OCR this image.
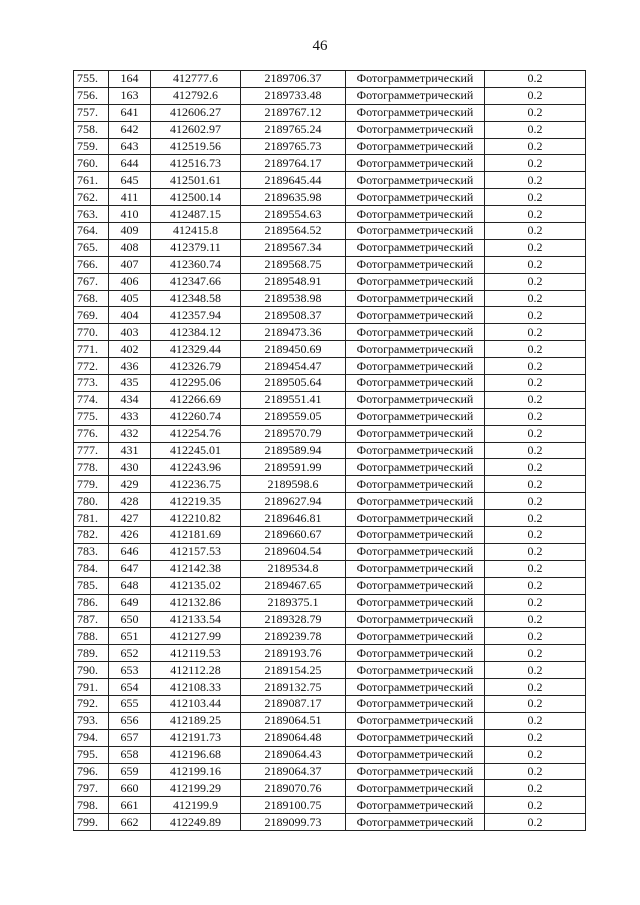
46
755.	164	412777.6	2189706.37	Фотограмметрический	0.2
756.	163	412792.6	2189733.48	Фотограмметрический	0.2
757.	641	412606.27	2189767.12	Фотограмметрический	0.2
758.	642	412602.97	2189765.24	Фотограмметрический	0.2
759.	643	412519.56	2189765.73	Фотограмметрический	0.2
760.	644	412516.73	2189764.17	Фотограмметрический	0.2
761.	645	412501.61	2189645.44	Фотограмметрический	0.2
762.	411	412500.14	2189635.98	Фотограмметрический	0.2
763.	410	412487.15	2189554.63	Фотограмметрический	0.2
764.	409	412415.8	2189564.52	Фотограмметрический	0.2
765.	408	412379.11	2189567.34	Фотограмметрический	0.2
766.	407	412360.74	2189568.75	Фотограмметрический	0.2
767.	406	412347.66	2189548.91	Фотограмметрический	0.2
768.	405	412348.58	2189538.98	Фотограмметрический	0.2
769.	404	412357.94	2189508.37	Фотограмметрический	0.2
770.	403	412384.12	2189473.36	Фотограмметрический	0.2
771.	402	412329.44	2189450.69	Фотограмметрический	0.2
772.	436	412326.79	2189454.47	Фотограмметрический	0.2
773.	435	412295.06	2189505.64	Фотограмметрический	0.2
774.	434	412266.69	2189551.41	Фотограмметрический	0.2
775.	433	412260.74	2189559.05	Фотограмметрический	0.2
776.	432	412254.76	2189570.79	Фотограмметрический	0.2
777.	431	412245.01	2189589.94	Фотограмметрический	0.2
778.	430	412243.96	2189591.99	Фотограмметрический	0.2
779.	429	412236.75	2189598.6	Фотограмметрический	0.2
780.	428	412219.35	2189627.94	Фотограмметрический	0.2
781.	427	412210.82	2189646.81	Фотограмметрический	0.2
782.	426	412181.69	2189660.67	Фотограмметрический	0.2
783.	646	412157.53	2189604.54	Фотограмметрический	0.2
784.	647	412142.38	2189534.8	Фотограмметрический	0.2
785.	648	412135.02	2189467.65	Фотограмметрический	0.2
786.	649	412132.86	2189375.1	Фотограмметрический	0.2
787.	650	412133.54	2189328.79	Фотограмметрический	0.2
788.	651	412127.99	2189239.78	Фотограмметрический	0.2
789.	652	412119.53	2189193.76	Фотограмметрический	0.2
790.	653	412112.28	2189154.25	Фотограмметрический	0.2
791.	654	412108.33	2189132.75	Фотограмметрический	0.2
792.	655	412103.44	2189087.17	Фотограмметрический	0.2
793.	656	412189.25	2189064.51	Фотограмметрический	0.2
794.	657	412191.73	2189064.48	Фотограмметрический	0.2
795.	658	412196.68	2189064.43	Фотограмметрический	0.2
796.	659	412199.16	2189064.37	Фотограмметрический	0.2
797.	660	412199.29	2189070.76	Фотограмметрический	0.2
798.	661	412199.9	2189100.75	Фотограмметрический	0.2
799.	662	412249.89	2189099.73	Фотограмметрический	0.2
